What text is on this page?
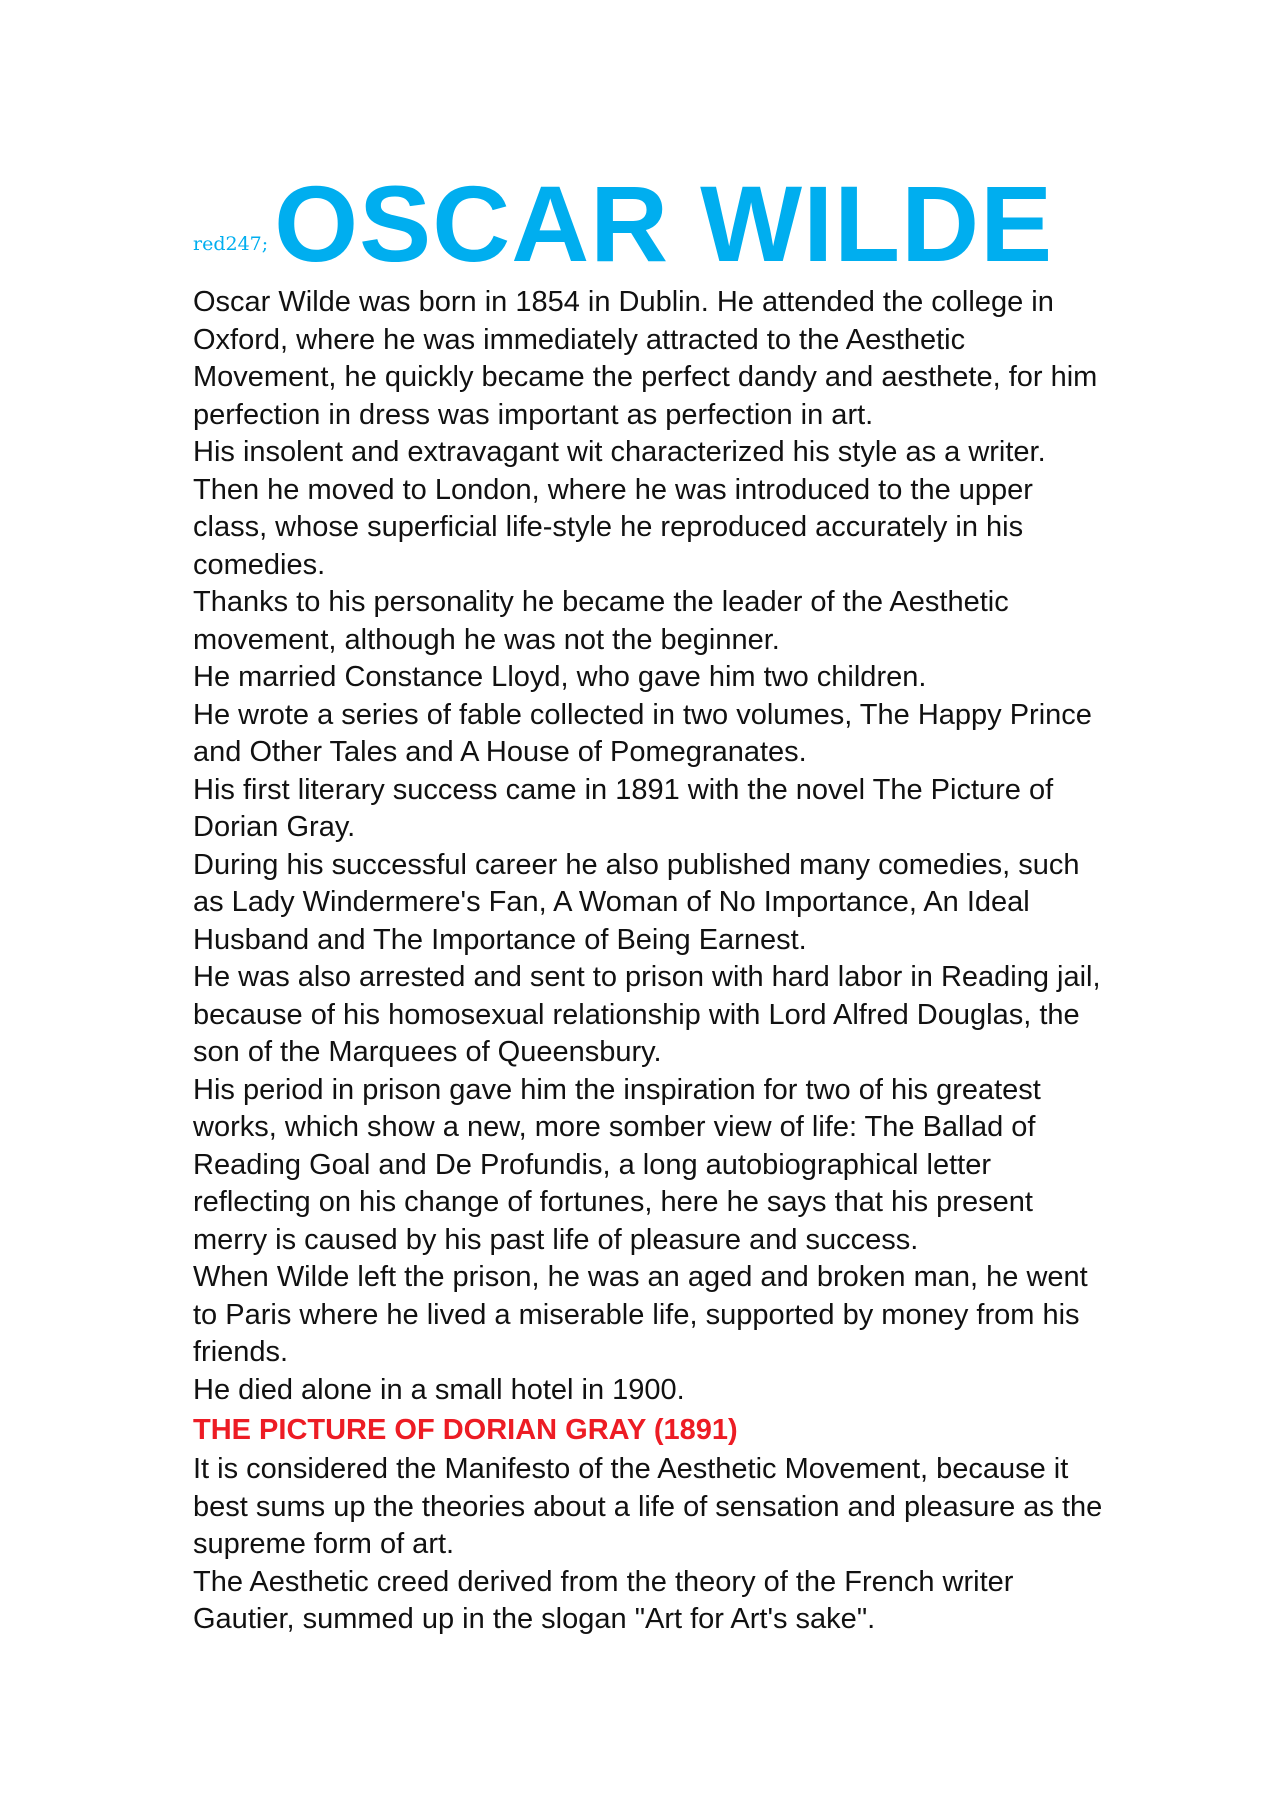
red247; OSCAR WILDE

Oscar Wilde was born in 1854 in Dublin. He attended the college in Oxford, where he was immediately attracted to the Aesthetic Movement, he quickly became the perfect dandy and aesthete, for him perfection in dress was important as perfection in art.

His insolent and extravagant wit characterized his style as a writer. Then he moved to London, where he was introduced to the upper class, whose superficial life-style he reproduced accurately in his comedies.

Thanks to his personality he became the leader of the Aesthetic movement, although he was not the beginner.

He married Constance Lloyd, who gave him two children.

He wrote a series of fable collected in two volumes, The Happy Prince and Other Tales and A House of Pomegranates.

His first literary success came in 1891 with the novel The Picture of Dorian Gray.

During his successful career he also published many comedies, such as Lady Windermere's Fan, A Woman of No Importance, An Ideal Husband and The Importance of Being Earnest.

He was also arrested and sent to prison with hard labor in Reading jail, because of his homosexual relationship with Lord Alfred Douglas, the son of the Marquees of Queensbury.

His period in prison gave him the inspiration for two of his greatest works, which show a new, more somber view of life: The Ballad of Reading Goal and De Profundis, a long autobiographical letter reflecting on his change of fortunes, here he says that his present merry is caused by his past life of pleasure and success.

When Wilde left the prison, he was an aged and broken man, he went to Paris where he lived a miserable life, supported by money from his friends.

He died alone in a small hotel in 1900.

THE PICTURE OF DORIAN GRAY (1891)

It is considered the Manifesto of the Aesthetic Movement, because it best sums up the theories about a life of sensation and pleasure as the supreme form of art.

The Aesthetic creed derived from the theory of the French writer Gautier, summed up in the slogan "Art for Art's sake".
